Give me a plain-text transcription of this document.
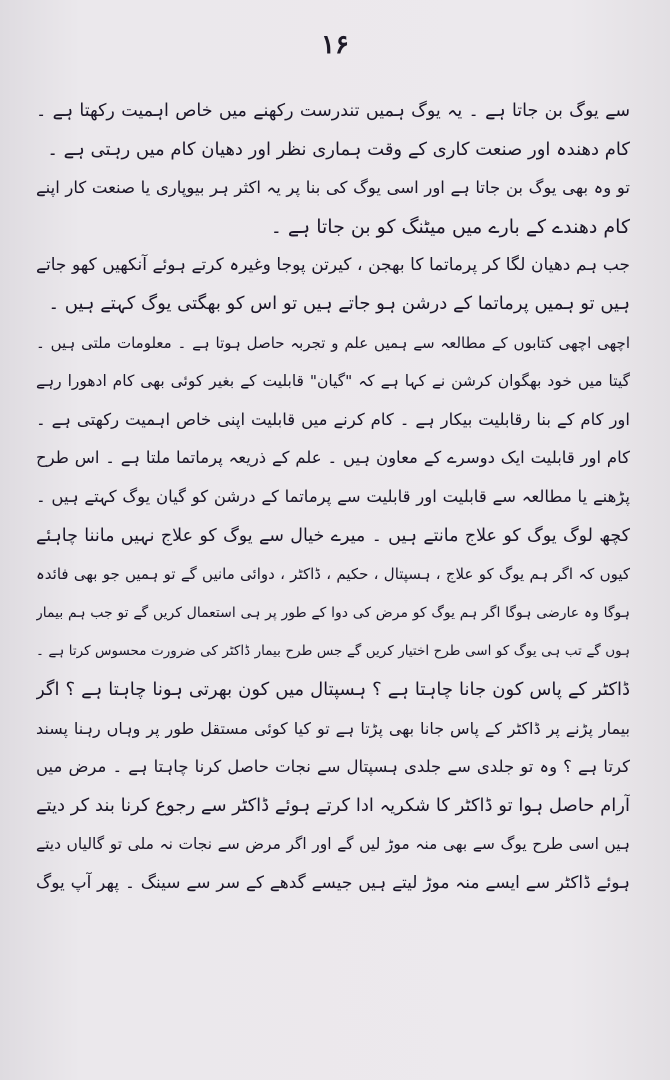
۱۶
سے یوگ بن جاتا ہے ۔ یہ یوگ ہمیں تندرست رکھنے میں خاص اہمیت رکھتا ہے ۔
کام دھندہ اور صنعت کاری کے وقت ہماری نظر اور دھیان کام میں رہتی ہے ۔
تو وہ بھی یوگ بن جاتا ہے اور اسی یوگ کی بنا پر یہ اکثر ہر بیوپاری یا صنعت کار اپنے
کام دھندے کے بارے میں میٹنگ کو بن جاتا ہے ۔
جب ہم دھیان لگا کر پرماتما کا بھجن ، کیرتن پوجا وغیرہ کرتے ہوئے آنکھیں کھو جاتے
ہیں تو ہمیں پرماتما کے درشن ہو جاتے ہیں تو اس کو بھگتی یوگ کہتے ہیں ۔
اچھی اچھی کتابوں کے مطالعہ سے ہمیں علم و تجربہ حاصل ہوتا ہے ۔ معلومات ملتی ہیں ۔
گیتا میں خود بھگوان کرشن نے کہا ہے کہ "گیان" قابلیت کے بغیر کوئی بھی کام ادھورا رہے
اور کام کے بنا رقابلیت بیکار ہے ۔ کام کرنے میں قابلیت اپنی خاص اہمیت رکھتی ہے ۔
کام اور قابلیت ایک دوسرے کے معاون ہیں ۔ علم کے ذریعہ پرماتما ملتا ہے ۔ اس طرح
پڑھنے یا مطالعہ سے قابلیت اور قابلیت سے پرماتما کے درشن کو گیان یوگ کہتے ہیں ۔
کچھ لوگ یوگ کو علاج مانتے ہیں ۔ میرے خیال سے یوگ کو علاج نہیں ماننا چاہئے
کیوں کہ اگر ہم یوگ کو علاج ، ہسپتال ، حکیم ، ڈاکٹر ، دوائی مانیں گے تو ہمیں جو بھی فائدہ
ہوگا وہ عارضی ہوگا اگر ہم یوگ کو مرض کی دوا کے طور پر ہی استعمال کریں گے تو جب ہم بیمار
ہوں گے تب ہی یوگ کو اسی طرح اختیار کریں گے جس طرح بیمار ڈاکٹر کی ضرورت محسوس کرتا ہے ۔
ڈاکٹر کے پاس کون جانا چاہتا ہے ؟ ہسپتال میں کون بھرتی ہونا چاہتا ہے ؟ اگر
بیمار پڑنے پر ڈاکٹر کے پاس جانا بھی پڑتا ہے تو کیا کوئی مستقل طور پر وہاں رہنا پسند
کرتا ہے ؟ وہ تو جلدی سے جلدی ہسپتال سے نجات حاصل کرنا چاہتا ہے ۔ مرض میں
آرام حاصل ہوا تو ڈاکٹر کا شکریہ ادا کرتے ہوئے ڈاکٹر سے رجوع کرنا بند کر دیتے
ہیں اسی طرح یوگ سے بھی منہ موڑ لیں گے اور اگر مرض سے نجات نہ ملی تو گالیاں دیتے
ہوئے ڈاکٹر سے ایسے منہ موڑ لیتے ہیں جیسے گدھے کے سر سے سینگ ۔ پھر آپ یوگ
